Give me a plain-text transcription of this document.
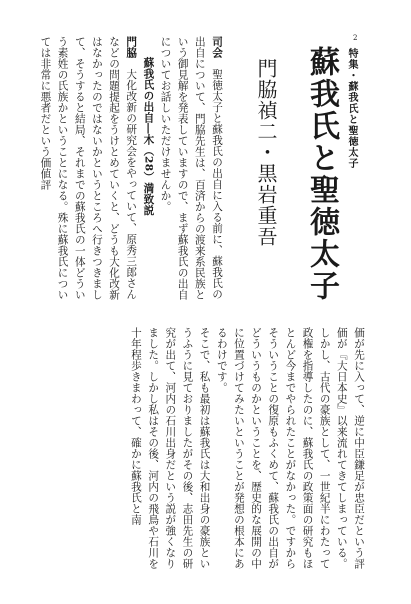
2
特集・蘇我氏と聖徳太子
蘇我氏と聖徳太子
門脇禎二・黒岩重吾

司会聖徳太子と蘇我氏の出自に入る前に、蘇我氏の出自について、門脇先生は、百済からの渡来系民族という御見解を発表していますので、まず蘇我氏の出自についてお話しいただけませんか。

蘇我氏の出自―木（28）満致説

門脇大化改新の研究会をやっていて、原秀三郎さんなどの問題提起をうけとめていくと、どうも大化改新はなかったのではないかというところへ行きつきまして、そうすると結局、それまでの蘇我氏の一体どういう素姓の氏族かということになる。殊に蘇我氏については非常に悪者だという価値評

価が先に入って、逆に中臣鎌足が忠臣だという評価が『大日本史』以来流れてきてしまっている。しかし、古代の豪族として、一世紀半にわたって政権を指導したのに、蘇我氏の政策面の研究もほとんど今までやられたことがなかった。ですからそういうことの復原もふくめて、蘇我氏の出自がどういうものかということを、歴史的な展開の中に位置づけてみたいということが発想の根本にあるわけです。

そこで、私も最初は蘇我氏は大和出身の豪族というふうに見ておりましたがその後、志田先生の研究が出て、河内の石川出身だという説が強くなりました。しかし私はその後、河内の飛鳥や石川を十年程歩きまわって、確かに蘇我氏と南
